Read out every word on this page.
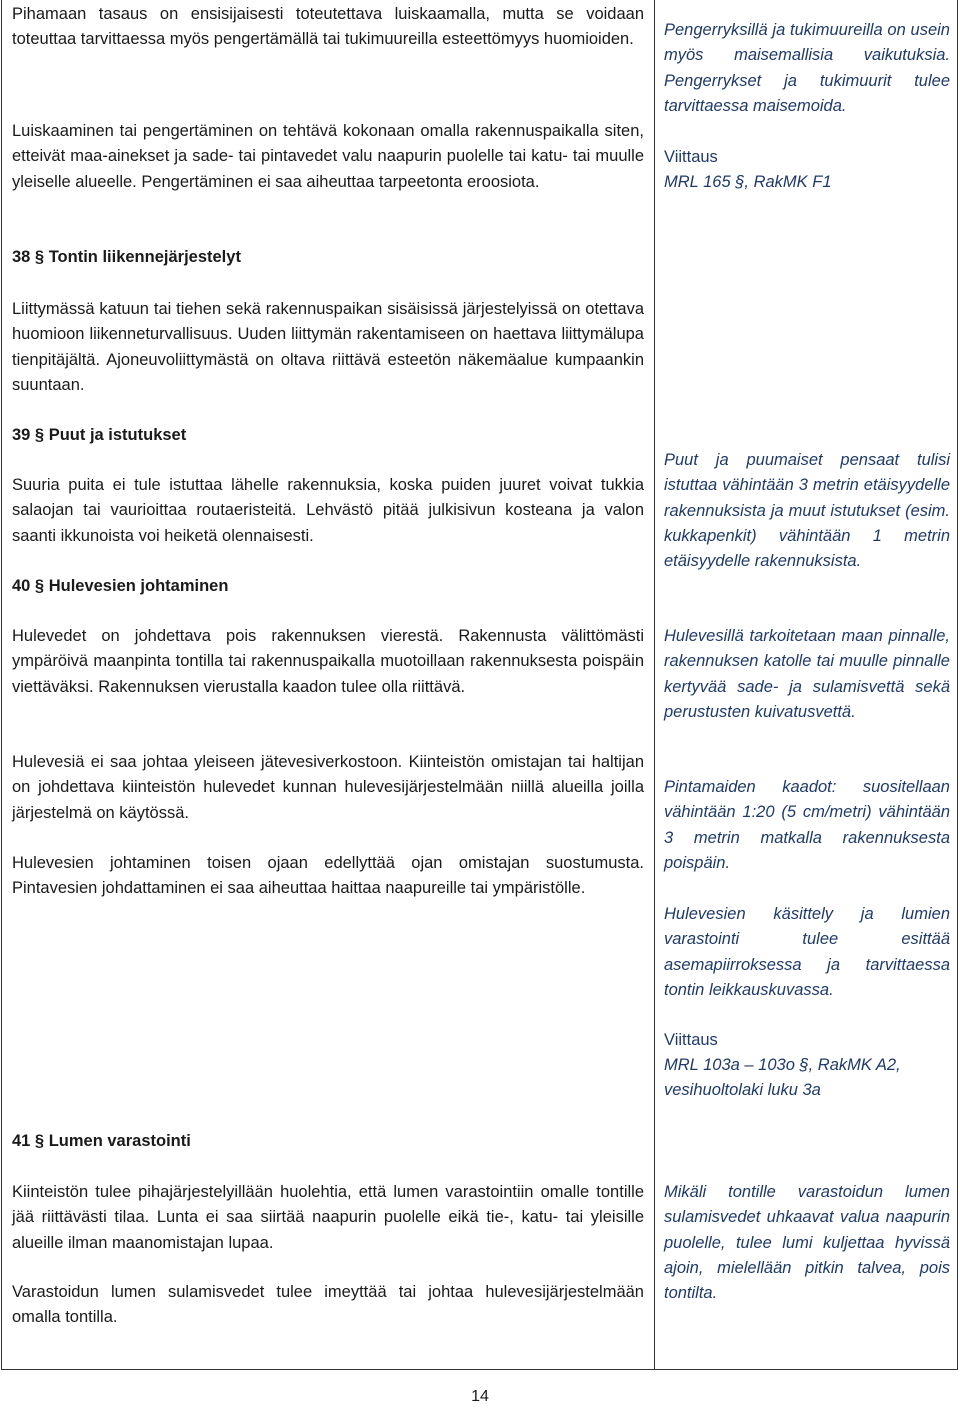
Pihamaan tasaus on ensisijaisesti toteutettava luiskaamalla, mutta se voidaan toteuttaa tarvittaessa myös pengertämällä tai tukimuureilla esteettömyys huomioiden.

Luiskaaminen tai pengertäminen on tehtävä kokonaan omalla rakennuspaikalla siten, etteivät maa-ainekset ja sade- tai pintavedet valu naapurin puolelle tai katu- tai muulle yleiselle alueelle. Pengertäminen ei saa aiheuttaa tarpeetonta eroosiota.

38 § Tontin liikennejärjestelyt

Liittymässä katuun tai tiehen sekä rakennuspaikan sisäisissä järjestelyissä on otettava huomioon liikenneturvallisuus. Uuden liittymän rakentamiseen on haettava liittymälupa tienpitäjältä. Ajoneuvoliittymästä on oltava riittävä esteetön näkemäalue kumpaankin suuntaan.

39 § Puut ja istutukset

Suuria puita ei tule istuttaa lähelle rakennuksia, koska puiden juuret voivat tukkia salaojan tai vaurioittaa routaeristeitä. Lehvästö pitää julkisivun kosteana ja valon saanti ikkunoista voi heiketä olennaisesti.

40 § Hulevesien johtaminen

Hulevedet on johdettava pois rakennuksen vierestä. Rakennusta välittömästi ympäröivä maanpinta tontilla tai rakennuspaikalla muotoillaan rakennuksesta poispäin viettäväksi. Rakennuksen vierustalla kaadon tulee olla riittävä.

Hulevesiä ei saa johtaa yleiseen jätevesiverkostoon. Kiinteistön omistajan tai haltijan on johdettava kiinteistön hulevedet kunnan hulevesijärjestelmään niillä alueilla joilla järjestelmä on käytössä.

Hulevesien johtaminen toisen ojaan edellyttää ojan omistajan suostumusta. Pintavesien johdattaminen ei saa aiheuttaa haittaa naapureille tai ympäristölle.

41 § Lumen varastointi

Kiinteistön tulee pihajärjestelyillään huolehtia, että lumen varastointiin omalle tontille jää riittävästi tilaa. Lunta ei saa siirtää naapurin puolelle eikä tie-, katu- tai yleisille alueille ilman maanomistajan lupaa.

Varastoidun lumen sulamisvedet tulee imeyttää tai johtaa hulevesijärjestelmään omalla tontilla.

Pengerryksillä ja tukimuureilla on usein myös maisemallisia vaikutuksia. Pengerrykset ja tukimuurit tulee tarvittaessa maisemoida.

Viittaus

MRL 165 §, RakMK F1

Puut ja puumaiset pensaat tulisi istuttaa vähintään 3 metrin etäisyydelle rakennuksista ja muut istutukset (esim. kukkapenkit) vähintään 1 metrin etäisyydelle rakennuksista.

Hulevesillä tarkoitetaan maan pinnalle, rakennuksen katolle tai muulle pinnalle kertyvää sade- ja sulamisvettä sekä perustusten kuivatusvettä.

Pintamaiden kaadot: suositellaan vähintään 1:20 (5 cm/metri) vähintään 3 metrin matkalla rakennuksesta poispäin.

Hulevesien käsittely ja lumien varastointi tulee esittää asemapiirroksessa ja tarvittaessa tontin leikkauskuvassa.

Viittaus

MRL 103a – 103o §, RakMK A2, vesihuoltolaki luku 3a

Mikäli tontille varastoidun lumen sulamisvedet uhkaavat valua naapurin puolelle, tulee lumi kuljettaa hyvissä ajoin, mielellään pitkin talvea, pois tontilta.

14
